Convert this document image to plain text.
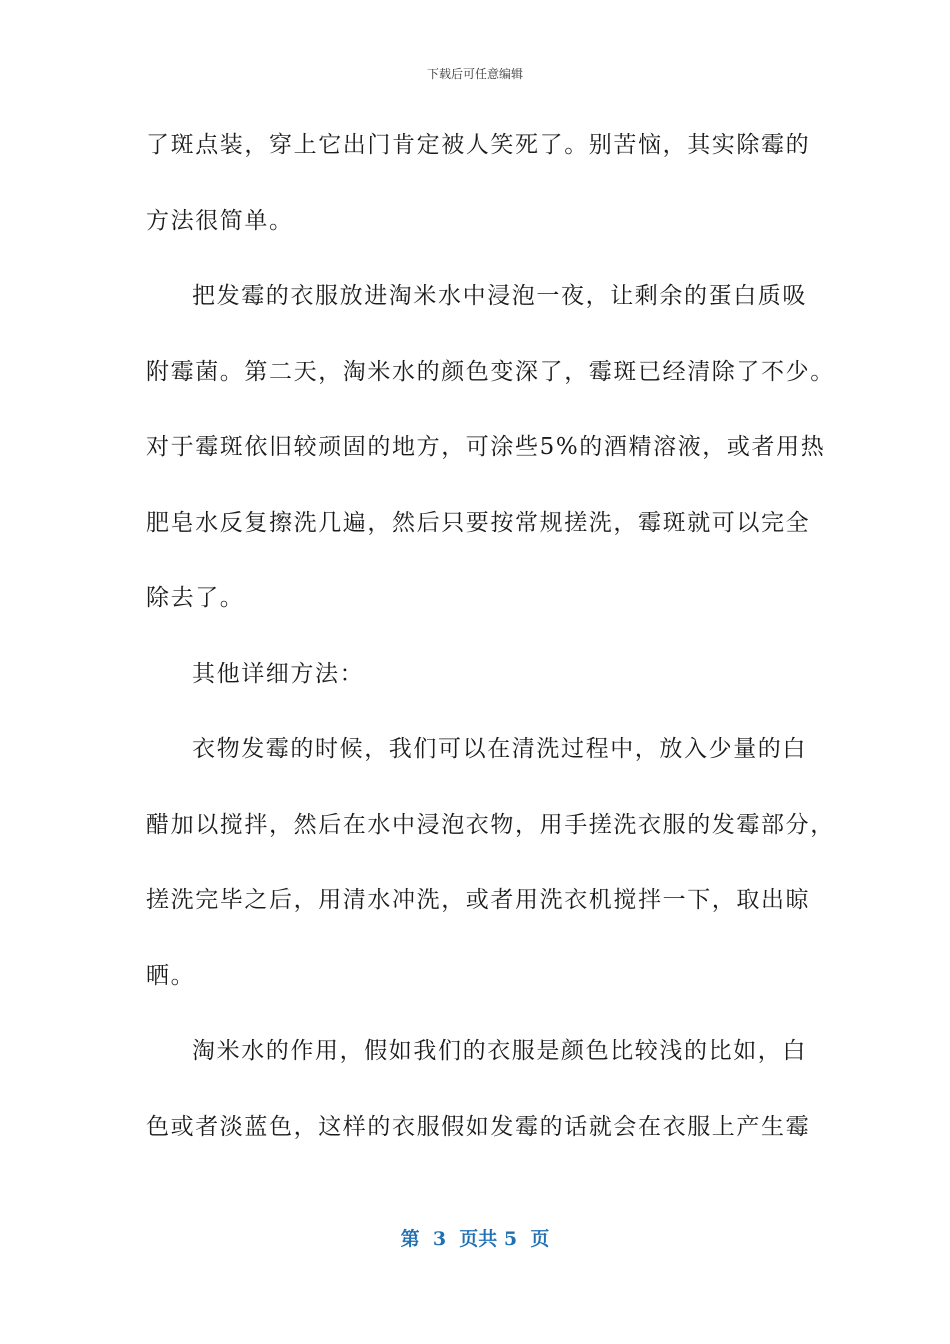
下载后可任意编辑
了斑点装，穿上它出门肯定被人笑死了。别苦恼，其实除霉的
方法很简单。
把发霉的衣服放进淘米水中浸泡一夜，让剩余的蛋白质吸
附霉菌。第二天，淘米水的颜色变深了，霉斑已经清除了不少。
对于霉斑依旧较顽固的地方，可涂些5%的酒精溶液，或者用热
肥皂水反复擦洗几遍，然后只要按常规搓洗，霉斑就可以完全
除去了。
其他详细方法：
衣物发霉的时候，我们可以在清洗过程中，放入少量的白
醋加以搅拌，然后在水中浸泡衣物，用手搓洗衣服的发霉部分，
搓洗完毕之后，用清水冲洗，或者用洗衣机搅拌一下，取出晾
晒。
淘米水的作用，假如我们的衣服是颜色比较浅的比如，白
色或者淡蓝色，这样的衣服假如发霉的话就会在衣服上产生霉
第  3  页共 5  页
